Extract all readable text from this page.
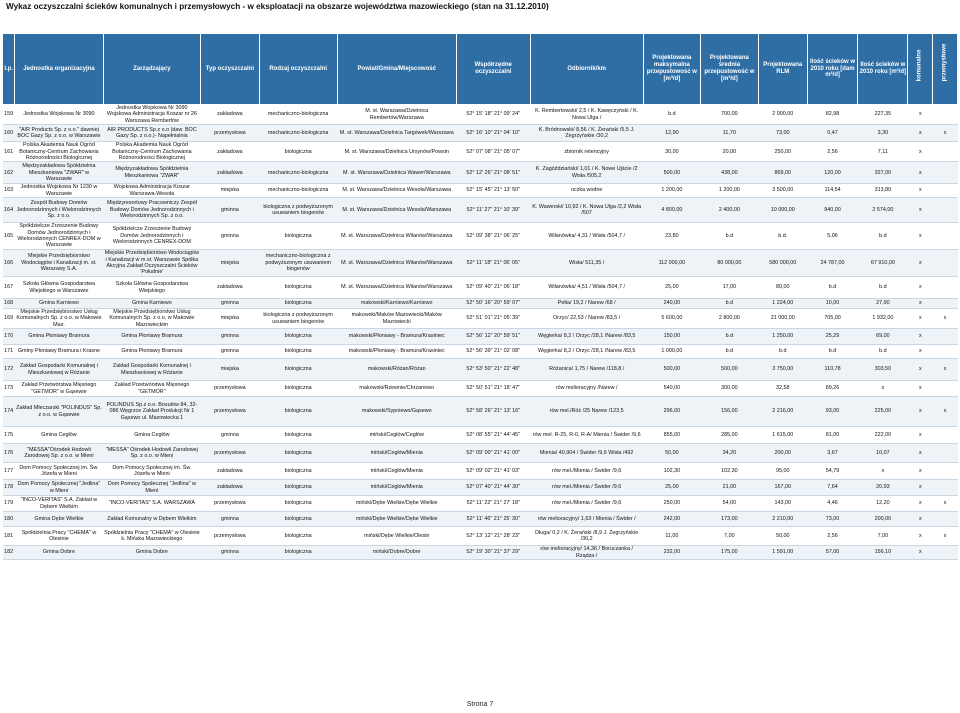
Wykaz oczyszczalni ścieków komunalnych i przemysłowych - w eksploatacji na obszarze województwa mazowieckiego (stan na 31.12.2010)

l.p.	Jednostka organizacyjna	Zarządzający	Typ oczyszczalni	Rodzaj oczyszczalni	Powiat/Gmina/Miejscowość	Współrzędne oczyszczalni	Odbiornik/km	Projektowana maksymalna przepustowość w [m³/d]	Projektowana średnia przepustowość w [m³/d]	Projektowana RLM	Ilość ścieków w 2010 roku [dam m³/d]	Ilość ścieków w 2010 roku [m³/d]	komunalne	przemysłowe

159	Jednostka Wojskowa Nr 3090	Jednostka Wojskowa Nr 3090 Wojskowa Administracja Koszar nr 26 Warszawa Rembertów	zakładowa	mechaniczno-biologiczna	M. st. Warszawa/Dzielnica Rembertów/Warszawa	52° 15' 18" 21° 09' 24"	K. Rembertowski/ 2,5 / K. Kawęczyński / K. Nowa Ulga /	b.d	700,00	2 000,00	82,98	227,35	x	
160	"AIR Products Sp. z o.o." dawniej BOC Gazy Sp. z o.o. w Warszawie	AIR PRODUCTS Sp.z o.o (daw. BOC Gazy Sp. z o.o.)- Napełnialnia	przemysłowa	mechaniczno-biologiczna	M. st. Warszawa/Dzielnica Targówek/Warszawa	52° 16' 10" 21° 04' 10"	K. Bródnowski/ 8,56 / K. Żerański /5,5 J. Zegrzyńskie /30,2	12,90	11,70	73,00	0,47	3,30	x	x
161	Polska Akademia Nauk Ogród Botaniczny-Centrum Zachowania Różnorodności Biologicznej	Polska Akademia Nauk Ogród Botaniczny-Centrum Zachowania Różnorodności Biologicznej	zakładowa	biologiczna	M. st. Warszawa/Dzielnica Ursynów/Powsin	52° 07' 08" 21° 05' 07"	zbiornik retencyjny	30,00	20,00	250,00	2,56	7,11	x	
162	Międzyzakładowa Spółdzielnia Mieszkaniowa "ZWAR" w Warszawie	Międzyzakładowa Spółdzielnia Mieszkaniowa "ZWAR"	zakładowa	mechaniczno-biologiczna	M. st. Warszawa/Dzielnica Wawer/Warszawa	52° 12' 26" 21° 08' 51"	K. Zagóździański/ 1,01 / K. Nowe Ujście /2 Wisła /505,2	500,00	438,00	869,00	120,00	327,00	x	
163	Jednostka Wojskowa Nr 1230 w Warszawie	Wojskowa Administracja Koszar Warszawa-Wesoła	miejska	mechaniczno-biologiczna	M. st. Warszawa/Dzielnica Wesoła/Warszawa	52° 15' 45" 21° 13' 50"	oczka wodne	1 200,00	1 200,00	3 500,00	114,54	313,80	x	
164	Zespół Budowy Domów Jednorodzinnych i Wielorodzinnych Sp. z o.o.	Międzyresortowy Pracowniczy Zespół Budowy Domów Jednorodzinnych i Wielorodzinnych Sp. z o.o.	gminna	biologiczna z podwyższonym usuwaniem biogenów	M. st. Warszawa/Dzielnica Wesoła/Warszawa	52° 11' 27" 21° 10' 39"	K. Wawerski/ 10,92 / K. Nowa Ulga /2,2 Wisła /507	4 800,00	2 400,00	10 000,00	940,00	2 574,00	x	
165	Spółdzielcze Zrzeszenie Budowy Domów Jednorodzinnych i Wielorodzinnych CENREX-DOM w Warszawie	Spółdzielcze Zrzeszenie Budowy Domów Jednorodzinnych i Wielorodzinnych CENREX-DOM	gminna	biologiczna	M. st. Warszawa/Dzielnica Wilanów/Warszawa	52° 09' 38" 21° 06' 25"	Wilanówka/ 4,31 / Wisła /504,7 /	23,80	b.d	b.d.	5,06	b.d	x	
166	Miejskie Przedsiębiorstwo Wodociągów i Kanalizacji m. st. Warszawy S.A.	Miejskie Przedsiębiorstwo Wodociągów i Kanalizacji w m.st. Warszawie Spółka Akcyjna Zakład Oczyszczalni Ścieków 'Południe'	miejska	mechaniczno-biologiczna z podwyższonym usuwaniem biogenów	M. st. Warszawa/Dzielnica Wilanów/Warszawa	52° 11' 18" 21° 06' 05"	Wisła/ 511,35 /	112 000,00	80 000,00	580 000,00	24 787,00	67 910,00	x	
167	Szkoła Główna Gospodarstwa Wiejskiego w Warszawie	Szkoła Główna Gospodarstwa Wiejskiego	zakładowa	biologiczna	M. st. Warszawa/Dzielnica Wilanów/Warszawa	52° 09' 40" 21° 06' 18"	Wilanówka/ 4,51 / Wisła /504,7 /	25,00	17,00	80,00	b.d	b.d	x	
168	Gmina Karniewo	Gmina Karniewo	gminna	biologiczna	makowski/Karniewo/Karniewo	52° 50' 16" 20° 59' 07"	Pełta/ 19,2 / Narew /68 /	240,00	b.d	1 224,00	10,00	27,90	x	
169	Miejskie Przedsiębiorstwo Usług Komunalnych Sp. z o.o. w Makowie Maz.	Miejskie Przedsiębiorstwo Usług Komunalnych Sp. z o.o. w Makowie Mazowieckim	miejska	biologiczna z podwyższonym usuwaniem biogenów	makowski/Maków Mazowiecki/Maków Mazowiecki	52° 51' 01" 21° 05' 39"	Orzyc/ 22,53 / Narew /83,5 /	5 600,00	2 800,00	21 000,00	705,00	1 932,00	x	x
170	Gmina Płoniawy Bramura	Gmina Płoniawy Bramura	gminna	biologiczna	makowski/Płoniawy - Bramura/Krasiniec	52° 56' 12" 20° 59' 51"	Węgierka/ 8,2 / Orzyc /28,1 /Narew /83,5	150,00	b.d	1 250,00	25,29	69,00	x	
171	Gminy Płoniawy Bramura i Krasne	Gmina Płoniawy Bramura	gminna	biologiczna	makowski/Płoniawy - Bramura/Krasiniec	52° 56' 39" 21° 02' 08"	Węgierka/ 8,2 / Orzyc /28,1 /Narew /83,5	1 000,00	b.d	b.d	b.d	b.d	x	
172	Zakład Gospodarki Komunalnej i Mieszkaniowej w Różanie	Zakład Gospodarki Komunalnej i Mieszkaniowej w Różanie	miejska	biologiczna	makowski/Różan/Różan	52° 53' 50" 21° 22' 48"	Różanica/ 1,75 / Narew /118,8 /	500,00	500,00	3 750,00	110,78	303,50	x	x
173	Zakład Przetwórstwa Mięsnego "GETMOR" w Gąsewie	Zakład Przetwórstwa Mięsnego "GETMOR"	przemysłowa	biologiczna	makowski/Rzewnie/Chrzanowo	52° 50' 51" 21° 18' 47"	rów melioracyjny /Narew /	540,00	300,00	32,58	89,26	x	x	
174	Zakład Mleczarski "POLINDUS" Sp. z o.o. w Gąsewie	POLINDUS Sp.z o.o. Bosutów 84, 32-086 Węgrzce Zakład Produkcji Nr 1 Gąsewo ul. Mazowiecka 1	przemysłowa	biologiczna	makowski/Sypniewo/Gąsewo	52° 58' 26" 21° 13' 16"	rów mel./Róż /25 Narew /123,5	296,00	156,00	2 216,00	93,00	225,00	x	x
175	Gmina Cegłów	Gmina Cegłów	gminna	biologiczna	miński/Cegłów/Cegłów	52° 08' 55" 21° 44' 45"	rów mel. R-25, R-0, R-A/ Mienia / Świder /9,6	855,00	285,00	1 615,00	81,00	222,00	x	
176	"MESSA"Ośrodek Hodowli Zarodowej Sp. z o.o. w Mieni	"MESSA" Ośrodek Hodowli Zarodowej Sp. z o.o. w Mieni	przemysłowa	biologiczna	miński/Cegłów/Mienia	52° 09' 00" 21° 41' 00"	Mienia/ 40,904 / Świder /9,6 Wisła /492	50,00	34,20	200,00	3,67	10,07	x	
177	Dom Pomocy Społecznej im. Św. Józefa w Mieni	Dom Pomocy Społecznej im. Św. Józefa w Mieni	zakładowa	biologiczna	miński/Cegłów/Mienia	52° 09' 02" 21° 41' 03"	rów mel./Mienia / Świder /9,6	102,30	102,30	95,00	54,79	x	x	
178	Dom Pomocy Społecznej "Jedlina" w Mieni	Dom Pomocy Społecznej "Jedlina" w Mieni	zakładowa	biologiczna	miński/Cegłów/Mienia	52° 07' 40" 21° 44' 30"	rów mel./Mienia / Świder /9,6	25,00	21,00	167,00	7,64	20,93	x	
179	"INCO-VERITAS" S.A. Zakład w Dębem Wielkim	"INCO-VERITAS" S.A. WARSZAWA	przemysłowa	biologiczna	miński/Dębe Wielkie/Dębe Wielkie	52° 11' 22" 21° 27' 18"	rów mel./Mienia / Świder /9,6	250,00	54,00	143,00	4,46	12,20	x	x
180	Gmina Dębe Wielkie	Zakład Komunalny w Dębem Wielkim	gminna	biologiczna	miński/Dębe Wielkie/Dębe Wielkie	52° 11' 46" 21° 25' 30"	rów melioracyjny/ 1,63 / Mienia / Świder /	242,00	173,00	2 210,00	73,00	200,00	x	
181	Spółdzielnia Pracy "CHEMA" w Olesinie	Spółdzielnia Pracy "CHEMA" w Olesinie k. Mińska Mazowieckiego	przemysłowa	biologiczna	miński/Dębe Wielkie/Olesin	52° 13' 12" 21° 28' 23"	Długa/ 0,2 / K. Żerański /8,9 J. Zegrzyńskie /30,2	11,00	7,00	50,00	2,56	7,00	x	x
182	Gmina Dobre	Gmina Dobre	gminna	biologiczna	miński/Dobre/Dobre	52° 19' 30" 21° 37' 29"	rów melioracyjny/ 14,36 / Boruczanka / Rządza /	232,00	175,00	1 591,00	57,00	156,10	x	
Strona 7
